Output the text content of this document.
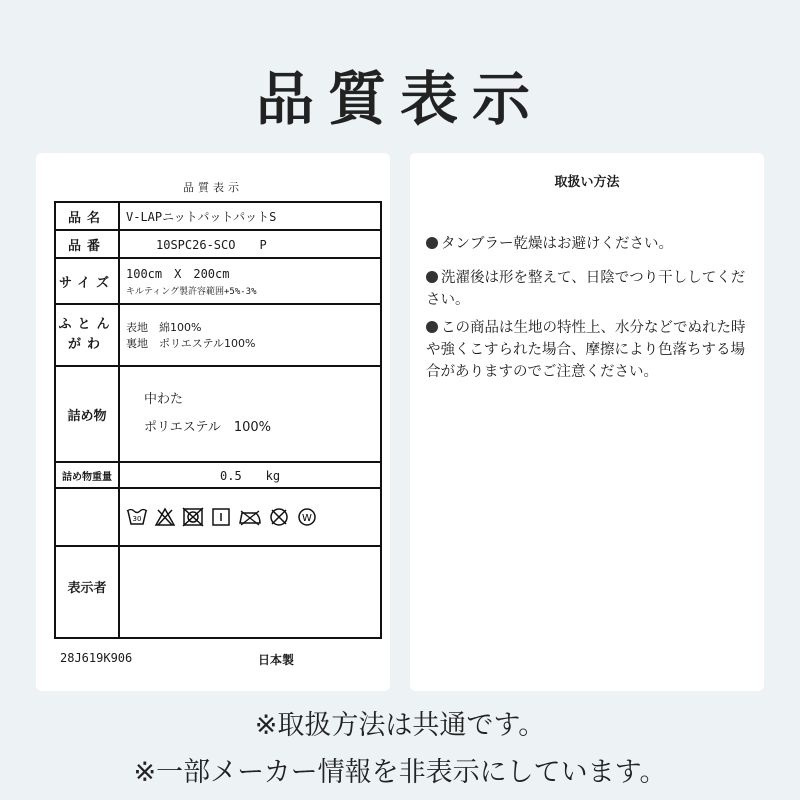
品質表示
品質表示
品名	V-LAPニットパットパットS
品番	10SPC26-SCO　　P
サイズ	100cm　X　200cm
キルティング製許容範囲+5%-3%

ふとんがわ	表地　綿100%
裏地　ポリエステル100%

詰め物	中わた
ポリエステル　100%

詰め物重量	0.5　　kg

30 W

表示者	
28J619K906	日本製
取扱い方法
タンブラー乾燥はお避けください。
洗濯後は形を整えて、日陰でつり干ししてください。
この商品は生地の特性上、水分などでぬれた時や強くこすられた場合、摩擦により色落ちする場合がありますのでご注意ください。
※取扱方法は共通です。
※一部メーカー情報を非表示にしています。
